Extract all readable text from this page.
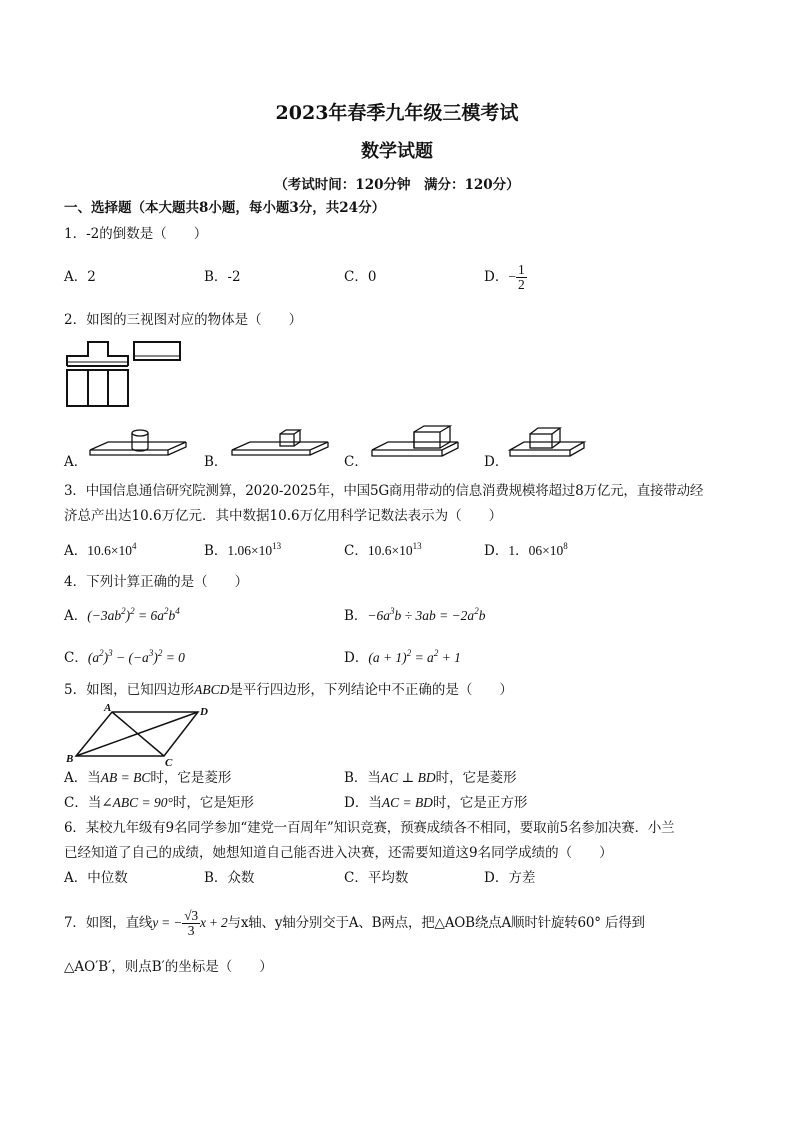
2023年春季九年级三模考试
数学试题
（考试时间：120分钟　满分：120分）
一、选择题（本大题共8小题，每小题3分，共24分）
1．-2的倒数是（　　）
A．2	B．-2	C．0	D．− $\frac{1}{2}$
2．如图的三视图对应的物体是（　　）
A．	B．	C．	D．
3．中国信息通信研究院测算，2020-2025年，中国5G商用带动的信息消费规模将超过8万亿元，直接带动经
济总产出达10.6万亿元．其中数据10.6万亿用科学记数法表示为（　　）
A．$10.6\times 10^4$	B．$1.06\times 10^{13}$	C．$10.6\times 10^{13}$	D．1．$06\times 10^8$
4．下列计算正确的是（　　）
A．$(-3ab^2)^2 = 6a^2b^4$	B．$-6a^3b \div 3ab = -2a^2b$
C．$(a^2)^3 - (-a^3)^2 = 0$	D．$(a + 1)^2 = a^2 + 1$
5．如图，已知四边形ABCD是平行四边形，下列结论中不正确的是（　　）
A	D
B	C
A．当AB = BC时，它是菱形	B．当AC ⊥ BD时，它是菱形
C．当∠ABC = 90°时，它是矩形	D．当AC = BD时，它是正方形
6．某校九年级有9名同学参加“建党一百周年”知识竞赛，预赛成绩各不相同，要取前5名参加决赛．小兰
已经知道了自己的成绩，她想知道自己能否进入决赛，还需要知道这9名同学成绩的（　　）
A．中位数	B．众数	C．平均数	D．方差
7．如图，直线y = − $\frac{√3}{3}$ x + 2与x轴、y轴分别交于A、B两点，把△AOB绕点A顺时针旋转60° 后得到
△AO′B′，则点B′的坐标是（　　）
